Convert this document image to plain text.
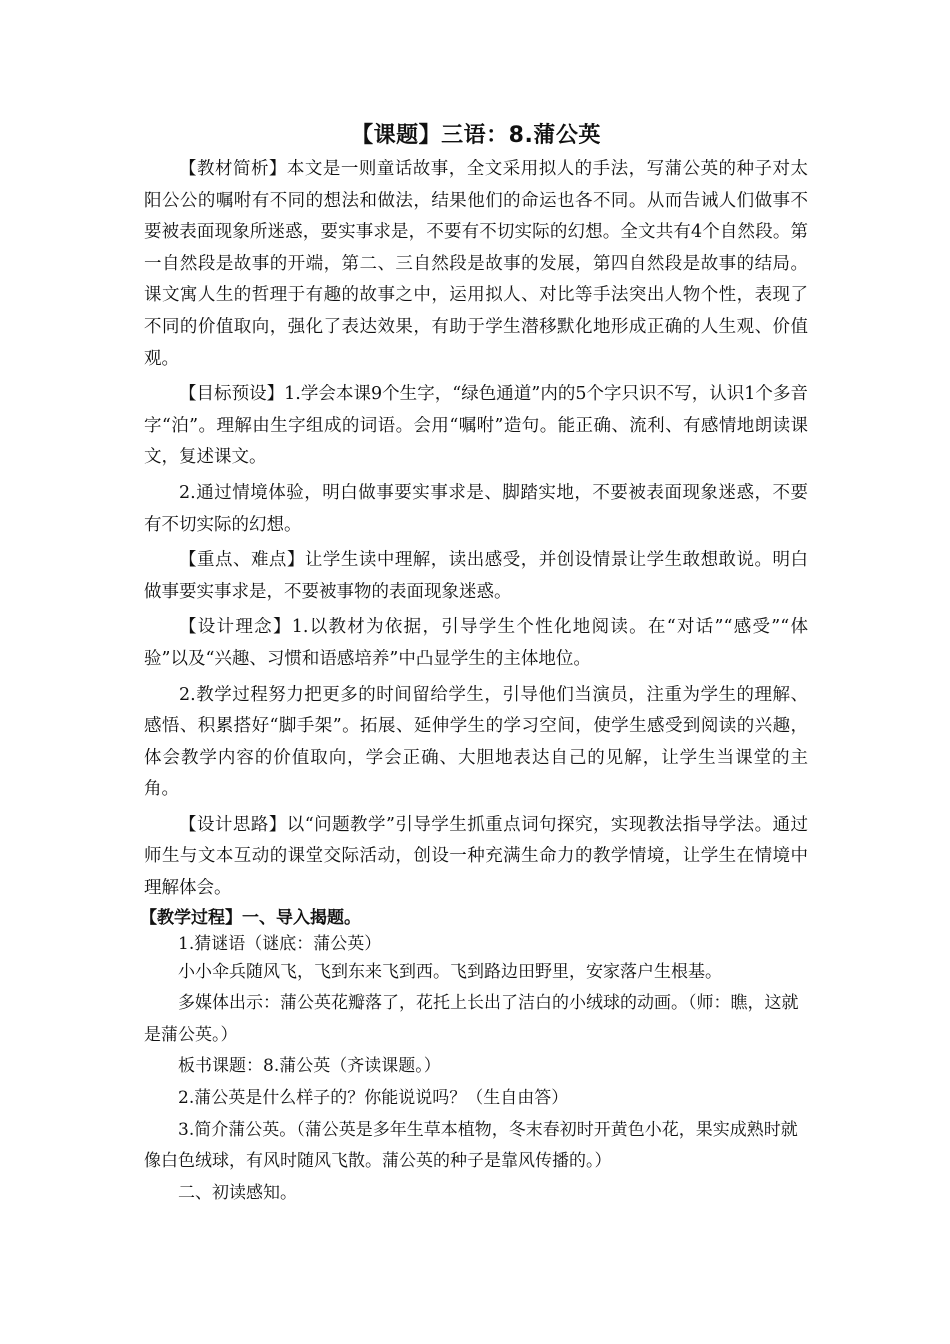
【课题】三语：8.蒲公英

【教材简析】本文是一则童话故事，全文采用拟人的手法，写蒲公英的种子对太阳公公的嘱咐有不同的想法和做法，结果他们的命运也各不同。从而告诫人们做事不要被表面现象所迷惑，要实事求是，不要有不切实际的幻想。全文共有4个自然段。第一自然段是故事的开端，第二、三自然段是故事的发展，第四自然段是故事的结局。课文寓人生的哲理于有趣的故事之中，运用拟人、对比等手法突出人物个性，表现了不同的价值取向，强化了表达效果，有助于学生潜移默化地形成正确的人生观、价值观。

【目标预设】1.学会本课9个生字，“绿色通道”内的5个字只识不写，认识1个多音字“泊”。理解由生字组成的词语。会用“嘱咐”造句。能正确、流利、有感情地朗读课文，复述课文。

2.通过情境体验，明白做事要实事求是、脚踏实地，不要被表面现象迷惑，不要有不切实际的幻想。

【重点、难点】让学生读中理解，读出感受，并创设情景让学生敢想敢说。明白做事要实事求是，不要被事物的表面现象迷惑。

【设计理念】1.以教材为依据，引导学生个性化地阅读。在“对话”“感受”“体验”以及“兴趣、习惯和语感培养”中凸显学生的主体地位。

2.教学过程努力把更多的时间留给学生，引导他们当演员，注重为学生的理解、感悟、积累搭好“脚手架”。拓展、延伸学生的学习空间，使学生感受到阅读的兴趣，体会教学内容的价值取向，学会正确、大胆地表达自己的见解，让学生当课堂的主角。

【设计思路】以“问题教学”引导学生抓重点词句探究，实现教法指导学法。通过师生与文本互动的课堂交际活动，创设一种充满生命力的教学情境，让学生在情境中理解体会。

【教学过程】一、导入揭题。

1.猜谜语（谜底：蒲公英）

小小伞兵随风飞，飞到东来飞到西。飞到路边田野里，安家落户生根基。

多媒体出示：蒲公英花瓣落了，花托上长出了洁白的小绒球的动画。（师：瞧，这就是蒲公英。）

板书课题：8.蒲公英（齐读课题。）

2.蒲公英是什么样子的？你能说说吗？（生自由答）

3.简介蒲公英。（蒲公英是多年生草本植物，冬末春初时开黄色小花，果实成熟时就像白色绒球，有风时随风飞散。蒲公英的种子是靠风传播的。）

二、初读感知。
